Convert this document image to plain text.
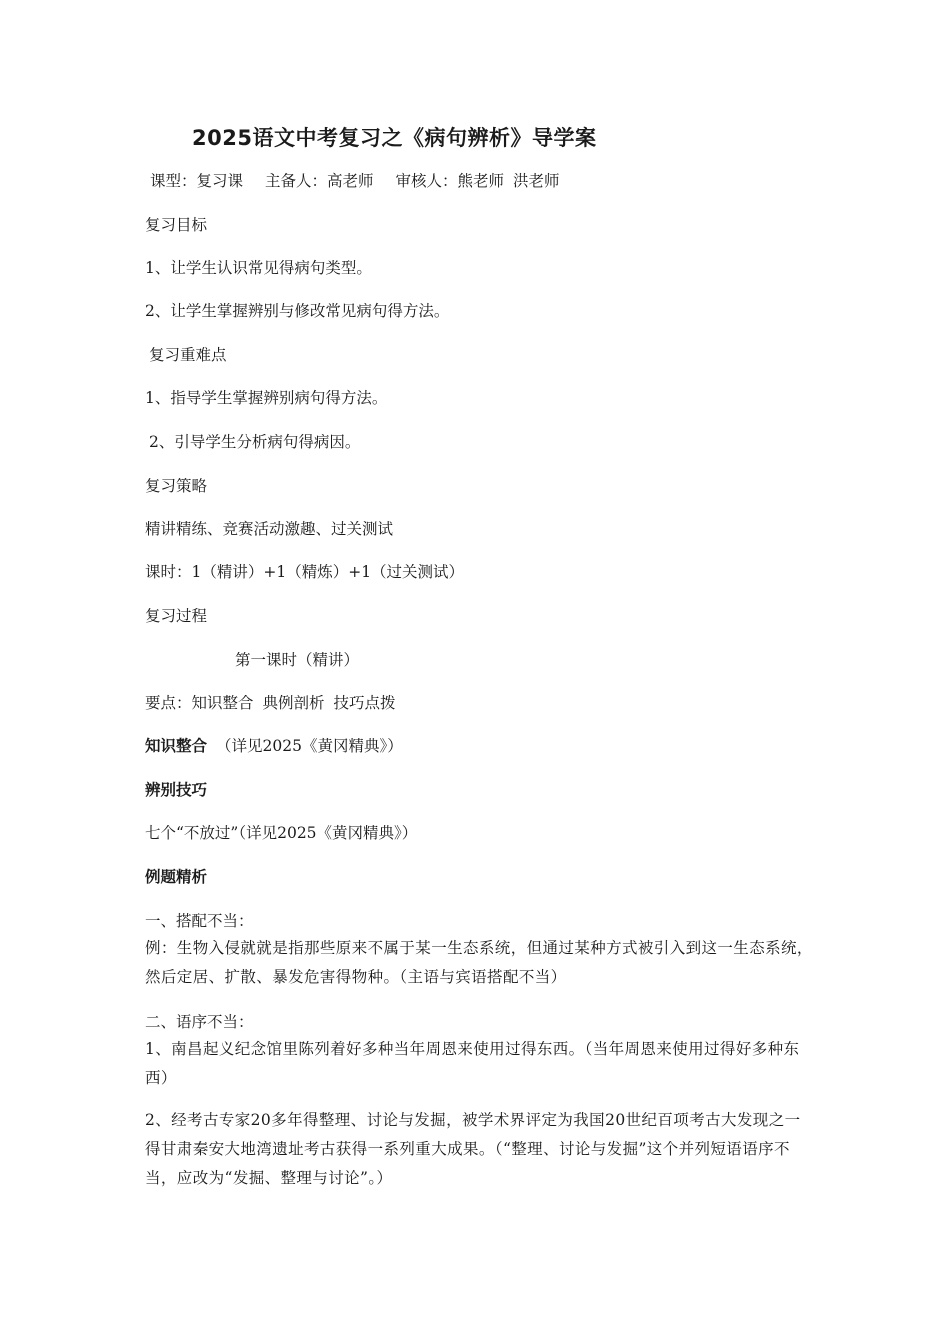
2025语文中考复习之《病句辨析》导学案
课型：复习课 主备人：高老师 审核人：熊老师 洪老师
复习目标
1、让学生认识常见得病句类型。
2、让学生掌握辨别与修改常见病句得方法。
复习重难点
1、指导学生掌握辨别病句得方法。
2、引导学生分析病句得病因。
复习策略
精讲精练、竞赛活动激趣、过关测试
课时：1（精讲）+1（精炼）+1（过关测试）
复习过程
第一课时（精讲）
要点：知识整合 典例剖析 技巧点拨
知识整合 （详见2025《黄冈精典》）
辨别技巧
七个“不放过”（详见2025《黄冈精典》）
例题精析
一、搭配不当：
例：生物入侵就就是指那些原来不属于某一生态系统，但通过某种方式被引入到这一生态系统，然后定居、扩散、暴发危害得物种。（主语与宾语搭配不当）
二、语序不当：
1、南昌起义纪念馆里陈列着好多种当年周恩来使用过得东西。（当年周恩来使用过得好多种东西）
2、经考古专家20多年得整理、讨论与发掘，被学术界评定为我国20世纪百项考古大发现之一得甘肃秦安大地湾遗址考古获得一系列重大成果。（“整理、讨论与发掘”这个并列短语语序不当，应改为“发掘、整理与讨论”。）
